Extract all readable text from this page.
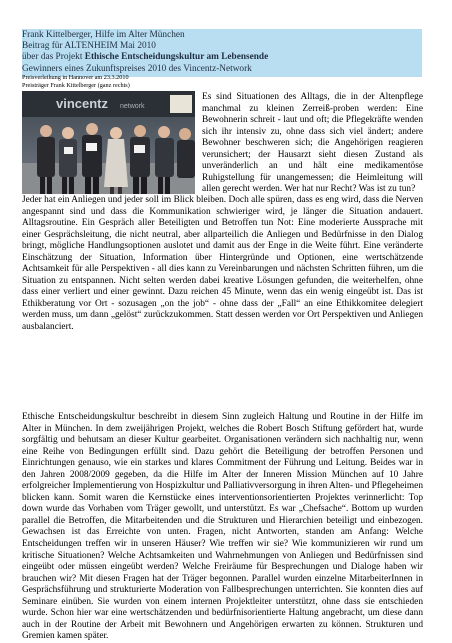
Frank Kittelberger, Hilfe im Alter München
Beitrag für ALTENHEIM Mai 2010
über das Projekt Ethische Entscheidungskultur am Lebensende
Gewinners eines Zukunftspreises 2010 des Vincentz-Network
Preisverleihung in Hannover am 23.3.2010
Preisträger Frank Kittelberger (ganz rechts)
vincentz network
Es sind Situationen des Alltags, die in der Altenpflege manchmal zu kleinen Zerreiß-proben werden: Eine Bewohnerin schreit - laut und oft; die Pflegekräfte wenden sich ihr intensiv zu, ohne dass sich viel ändert; andere Bewohner beschweren sich; die Angehörigen reagieren verunsichert; der Hausarzt sieht diesen Zustand als unveränderlich an und hält eine medikamentöse Ruhigstellung für unangemessen; die Heimleitung will allen gerecht werden. Wer hat nur Recht? Was ist zu tun?

Jeder hat ein Anliegen und jeder soll im Blick bleiben. Doch alle spüren, dass es eng wird, dass die Nerven angespannt sind und dass die Kommunikation schwieriger wird, je länger die Situation andauert. Alltagsroutine. Ein Gespräch aller Beteiligten und Betroffen tun Not: Eine moderierte Aussprache mit einer Gesprächsleitung, die nicht neutral, aber allparteilich die Anliegen und Bedürfnisse in den Dialog bringt, mögliche Handlungsoptionen auslotet und damit aus der Enge in die Weite führt. Eine veränderte Einschätzung der Situation, Information über Hintergründe und Optionen, eine wertschätzende Achtsamkeit für alle Perspektiven - all dies kann zu Vereinbarungen und nächsten Schritten führen, um die Situation zu entspannen. Nicht selten werden dabei kreative Lösungen gefunden, die weiterhelfen, ohne dass einer verliert und einer gewinnt. Dazu reichen 45 Minute, wenn das ein wenig eingeübt ist. Das ist Ethikberatung vor Ort - sozusagen „on the job“ - ohne dass der „Fall“ an eine Ethikkomitee delegiert werden muss, um dann „gelöst“ zurückzukommen. Statt dessen werden vor Ort Perspektiven und Anliegen ausbalanciert.

Ethische Entscheidungskultur beschreibt in diesem Sinn zugleich Haltung und Routine in der Hilfe im Alter in München. In dem zweijährigen Projekt, welches die Robert Bosch Stiftung gefördert hat, wurde sorgfältig und behutsam an dieser Kultur gearbeitet. Organisationen verändern sich nachhaltig nur, wenn eine Reihe von Bedingungen erfüllt sind. Dazu gehört die Beteiligung der betroffen Personen und Einrichtungen genauso, wie ein starkes und klares Commitment der Führung und Leitung. Beides war in den Jahren 2008/2009 gegeben, da die Hilfe im Alter der Inneren Mission München auf 10 Jahre erfolgreicher Implementierung von Hospizkultur und Palliativversorgung in ihren Alten- und Pflegeheimen blicken kann. Somit waren die Kernstücke eines interventionsorientierten Projektes verinnerlicht: Top down wurde das Vorhaben vom Träger gewollt, und unterstützt. Es war „Chefsache“. Bottom up wurden parallel die Betroffen, die Mitarbeitenden und die Strukturen und Hierarchien beteiligt und einbezogen. Gewachsen ist das Erreichte von unten. Fragen, nicht Antworten, standen am Anfang: Welche Entscheidungen treffen wir in unseren Häuser? Wie treffen wir sie? Wie kommunizieren wir rund um kritische Situationen? Welche Achtsamkeiten und Wahrnehmungen von Anliegen und Bedürfnissen sind eingeübt oder müssen eingeübt werden? Welche Freiräume für Besprechungen und Dialoge haben wir brauchen wir? Mit diesen Fragen hat der Träger begonnen. Parallel wurden einzelne MitarbeiterInnen in Gesprächsführung und strukturierte Moderation von Fallbesprechungen unterrichten. Sie konnten dies auf Seminare einüben. Sie wurden von einem internen Projektleiter unterstützt, ohne dass sie entschieden wurde. Schon hier war eine wertschätzenden und bedürfnisorientierte Haltung angebracht, um diese dann auch in der Routine der Arbeit mit Bewohnern und Angehörigen erwarten zu können. Strukturen und Gremien kamen später.
